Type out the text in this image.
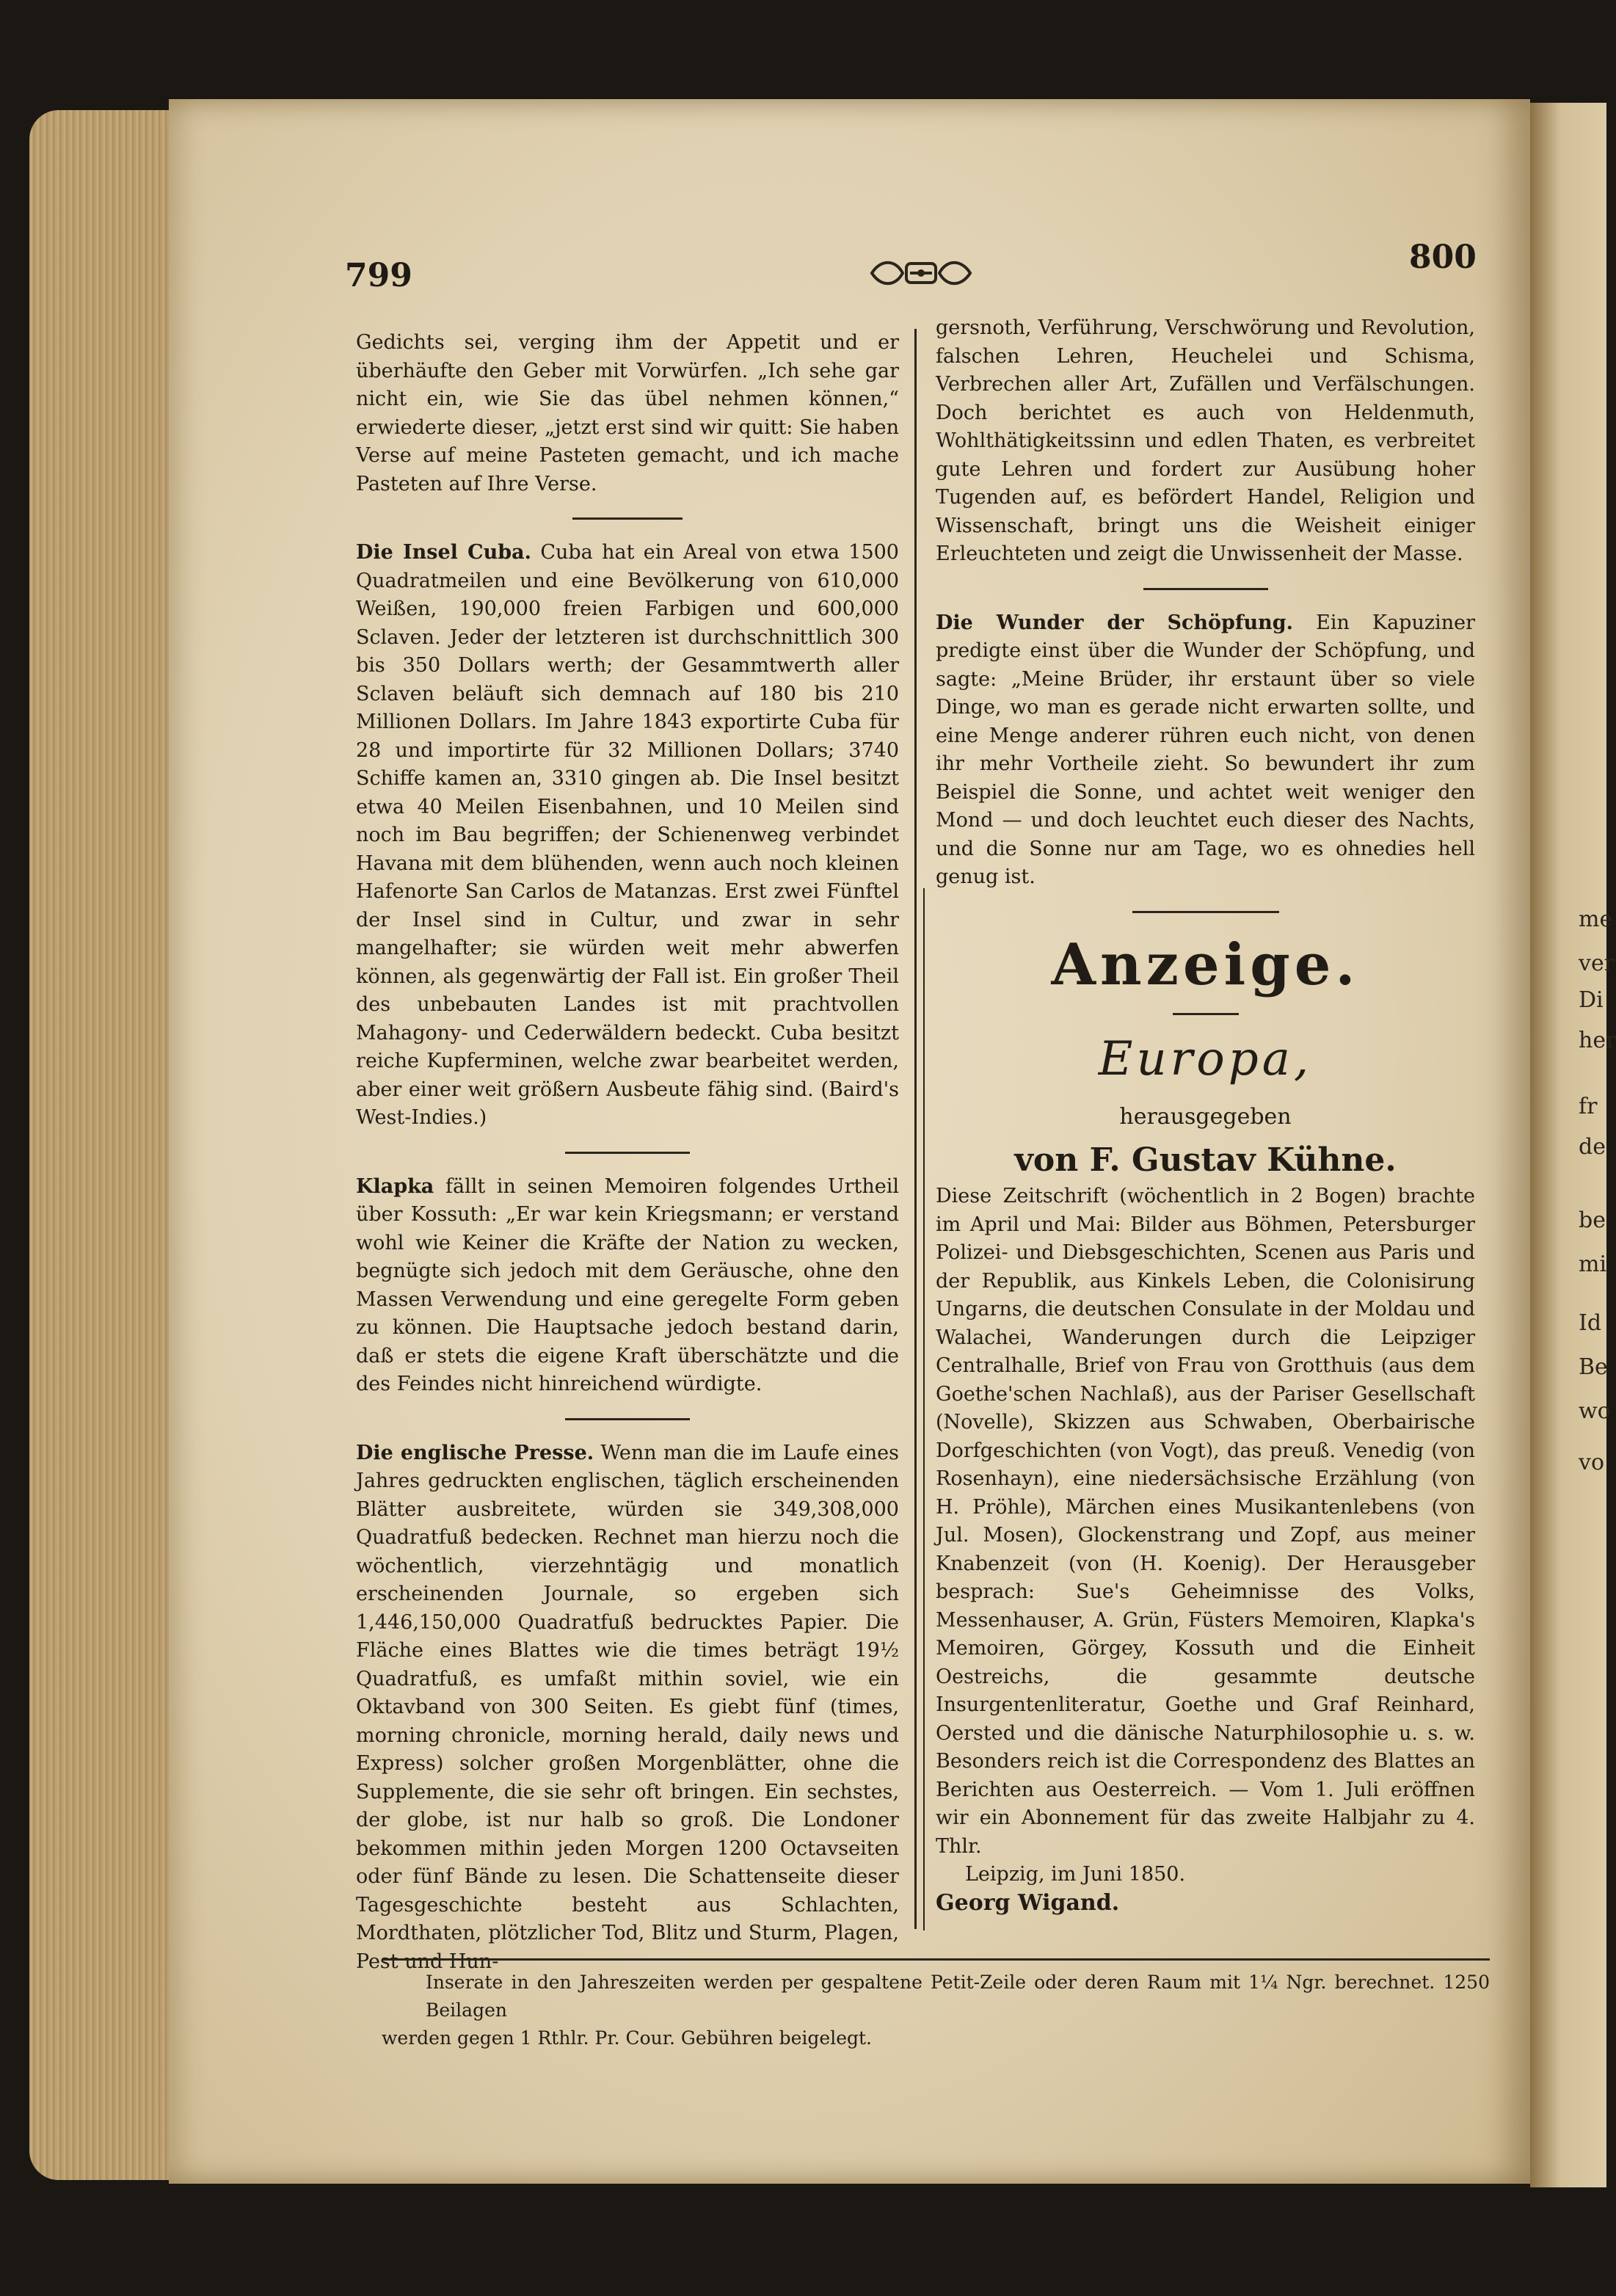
me
ver
Di
her
fr
de
be
mi
Id
Be
wo
vo
799	800

Gedichts sei, verging ihm der Appetit und er überhäufte den Geber mit Vorwürfen. „Ich sehe gar nicht ein, wie Sie das übel nehmen können,“ erwiederte dieser, „jetzt erst sind wir quitt: Sie haben Verse auf meine Pasteten gemacht, und ich mache Pasteten auf Ihre Verse.

Die Insel Cuba. Cuba hat ein Areal von etwa 1500 Quadratmeilen und eine Bevölkerung von 610,000 Weißen, 190,000 freien Farbigen und 600,000 Sclaven. Jeder der letzteren ist durchschnittlich 300 bis 350 Dollars werth; der Gesammtwerth aller Sclaven beläuft sich demnach auf 180 bis 210 Millionen Dollars. Im Jahre 1843 exportirte Cuba für 28 und importirte für 32 Millionen Dollars; 3740 Schiffe kamen an, 3310 gingen ab. Die Insel besitzt etwa 40 Meilen Eisenbahnen, und 10 Meilen sind noch im Bau begriffen; der Schienenweg verbindet Havana mit dem blühenden, wenn auch noch kleinen Hafenorte San Carlos de Matanzas. Erst zwei Fünftel der Insel sind in Cultur, und zwar in sehr mangelhafter; sie würden weit mehr abwerfen können, als gegenwärtig der Fall ist. Ein großer Theil des unbebauten Landes ist mit prachtvollen Mahagony- und Cederwäldern bedeckt. Cuba besitzt reiche Kupferminen, welche zwar bearbeitet werden, aber einer weit größern Ausbeute fähig sind. (Baird's West-Indies.)

Klapka fällt in seinen Memoiren folgendes Urtheil über Kossuth: „Er war kein Kriegsmann; er verstand wohl wie Keiner die Kräfte der Nation zu wecken, begnügte sich jedoch mit dem Geräusche, ohne den Massen Verwendung und eine geregelte Form geben zu können. Die Hauptsache jedoch bestand darin, daß er stets die eigene Kraft überschätzte und die des Feindes nicht hinreichend würdigte.

Die englische Presse. Wenn man die im Laufe eines Jahres gedruckten englischen, täglich erscheinenden Blätter ausbreitete, würden sie 349,308,000 Quadratfuß bedecken. Rechnet man hierzu noch die wöchentlich, vierzehntägig und monatlich erscheinenden Journale, so ergeben sich 1,446,150,000 Quadratfuß bedrucktes Papier. Die Fläche eines Blattes wie die times beträgt 19½ Quadratfuß, es umfaßt mithin soviel, wie ein Oktavband von 300 Seiten. Es giebt fünf (times, morning chronicle, morning herald, daily news und Express) solcher großen Morgenblätter, ohne die Supplemente, die sie sehr oft bringen. Ein sechstes, der globe, ist nur halb so groß. Die Londoner bekommen mithin jeden Morgen 1200 Octavseiten oder fünf Bände zu lesen. Die Schattenseite dieser Tagesgeschichte besteht aus Schlachten, Mordthaten, plötzlicher Tod, Blitz und Sturm, Plagen, Pest und Hun-

gersnoth, Verführung, Verschwörung und Revolution, falschen Lehren, Heuchelei und Schisma, Verbrechen aller Art, Zufällen und Verfälschungen. Doch berichtet es auch von Heldenmuth, Wohlthätigkeitssinn und edlen Thaten, es verbreitet gute Lehren und fordert zur Ausübung hoher Tugenden auf, es befördert Handel, Religion und Wissenschaft, bringt uns die Weisheit einiger Erleuchteten und zeigt die Unwissenheit der Masse.

Die Wunder der Schöpfung. Ein Kapuziner predigte einst über die Wunder der Schöpfung, und sagte: „Meine Brüder, ihr erstaunt über so viele Dinge, wo man es gerade nicht erwarten sollte, und eine Menge anderer rühren euch nicht, von denen ihr mehr Vortheile zieht. So bewundert ihr zum Beispiel die Sonne, und achtet weit weniger den Mond — und doch leuchtet euch dieser des Nachts, und die Sonne nur am Tage, wo es ohnedies hell genug ist.

Anzeige.
Europa,
herausgegeben
von F. Gustav Kühne.

Diese Zeitschrift (wöchentlich in 2 Bogen) brachte im April und Mai: Bilder aus Böhmen, Petersburger Polizei- und Diebsgeschichten, Scenen aus Paris und der Republik, aus Kinkels Leben, die Colonisirung Ungarns, die deutschen Consulate in der Moldau und Walachei, Wanderungen durch die Leipziger Centralhalle, Brief von Frau von Grotthuis (aus dem Goethe'schen Nachlaß), aus der Pariser Gesellschaft (Novelle), Skizzen aus Schwaben, Oberbairische Dorfgeschichten (von Vogt), das preuß. Venedig (von Rosenhayn), eine niedersächsische Erzählung (von H. Pröhle), Märchen eines Musikantenlebens (von Jul. Mosen), Glockenstrang und Zopf, aus meiner Knabenzeit (von (H. Koenig). Der Herausgeber besprach: Sue's Geheimnisse des Volks, Messenhauser, A. Grün, Füsters Memoiren, Klapka's Memoiren, Görgey, Kossuth und die Einheit Oestreichs, die gesammte deutsche Insurgentenliteratur, Goethe und Graf Reinhard, Oersted und die dänische Naturphilosophie u. s. w. Besonders reich ist die Correspondenz des Blattes an Berichten aus Oesterreich. — Vom 1. Juli eröffnen wir ein Abonnement für das zweite Halbjahr zu 4. Thlr.

Leipzig, im Juni 1850.

Georg Wigand.

Inserate in den Jahreszeiten werden per gespaltene Petit-Zeile oder deren Raum mit 1¼ Ngr. berechnet. 1250 Beilagen

werden gegen 1 Rthlr. Pr. Cour. Gebühren beigelegt.
